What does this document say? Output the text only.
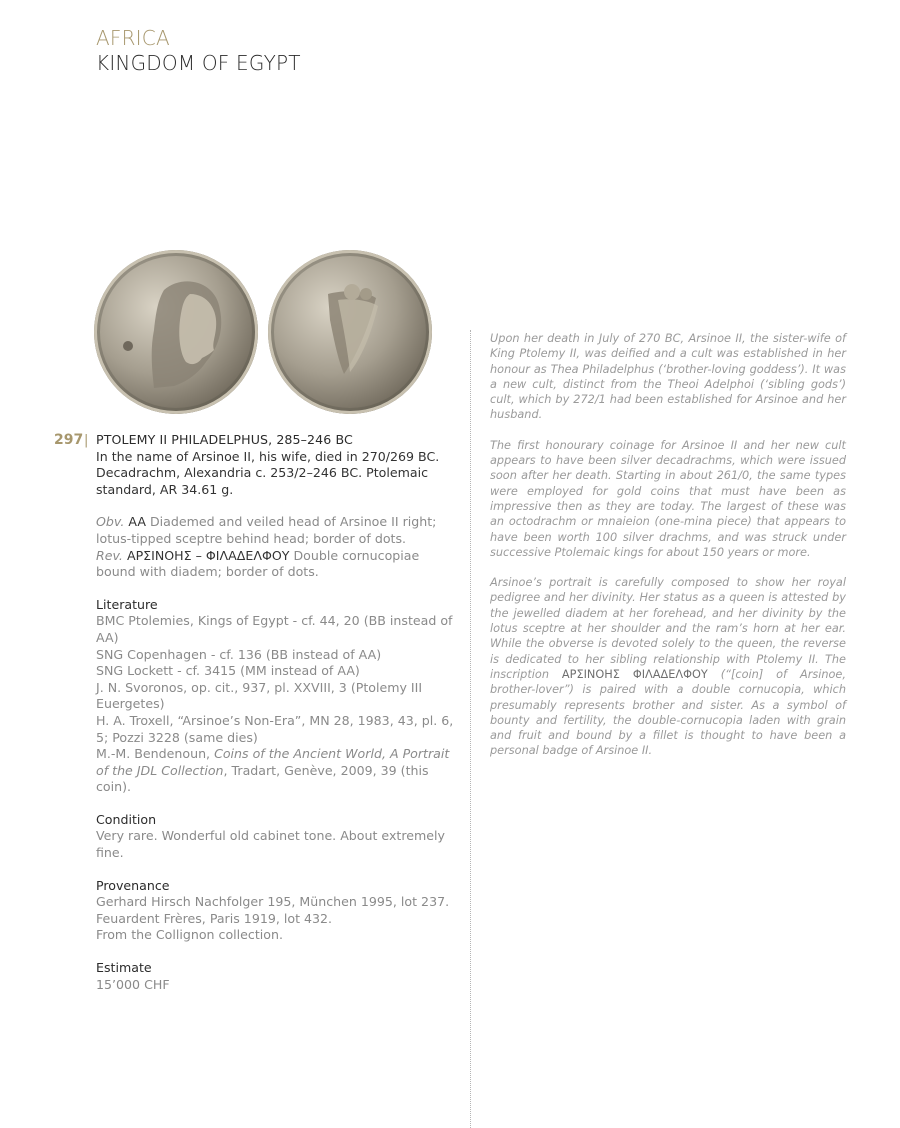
AFRICA
KINGDOM OF EGYPT
297 | PTOLEMY II PHILADELPHUS, 285–246 BC
In the name of Arsinoe II, his wife, died in 270/269 BC. Decadrachm, Alexandria c. 253/2–246 BC. Ptolemaic standard, AR 34.61 g.
Obv. AA Diademed and veiled head of Arsinoe II right; lotus-tipped sceptre behind head; border of dots.
Rev. ΑΡΣΙΝΟΗΣ – ΦΙΛΑΔΕΛΦΟΥ Double cornucopiae bound with diadem; border of dots.
Literature
BMC Ptolemies, Kings of Egypt - cf. 44, 20 (BB instead of AA)
SNG Copenhagen - cf. 136 (BB instead of AA)
SNG Lockett - cf. 3415 (MM instead of AA)
J. N. Svoronos, op. cit., 937, pl. XXVIII, 3 (Ptolemy III Euergetes)
H. A. Troxell, “Arsinoe’s Non-Era”, MN 28, 1983, 43, pl. 6, 5; Pozzi 3228 (same dies)
M.-M. Bendenoun, Coins of the Ancient World, A Portrait of the JDL Collection, Tradart, Genève, 2009, 39 (this coin).
Condition
Very rare. Wonderful old cabinet tone. About extremely fine.
Provenance
Gerhard Hirsch Nachfolger 195, München 1995, lot 237.
Feuardent Frères, Paris 1919, lot 432.
From the Collignon collection.
Estimate
15’000 CHF

Upon her death in July of 270 BC, Arsinoe II, the sister-wife of King Ptolemy II, was deified and a cult was established in her honour as Thea Philadelphus (‘brother-loving goddess’). It was a new cult, distinct from the Theoi Adelphoi (‘sibling gods’) cult, which by 272/1 had been established for Arsinoe and her husband.

The first honourary coinage for Arsinoe II and her new cult appears to have been silver decadrachms, which were issued soon after her death. Starting in about 261/0, the same types were employed for gold coins that must have been as impressive then as they are today. The largest of these was an octodrachm or mnaieion (one-mina piece) that appears to have been worth 100 silver drachms, and was struck under successive Ptolemaic kings for about 150 years or more.

Arsinoe’s portrait is carefully composed to show her royal pedigree and her divinity. Her status as a queen is attested by the jewelled diadem at her forehead, and her divinity by the lotus sceptre at her shoulder and the ram’s horn at her ear. While the obverse is devoted solely to the queen, the reverse is dedicated to her sibling relationship with Ptolemy II. The inscription ΑΡΣΙΝΟΗΣ ΦΙΛΑΔΕΛΦΟΥ (“[coin] of Arsinoe, brother-lover”) is paired with a double cornucopia, which presumably represents brother and sister. As a symbol of bounty and fertility, the double-cornucopia laden with grain and fruit and bound by a fillet is thought to have been a personal badge of Arsinoe II.
